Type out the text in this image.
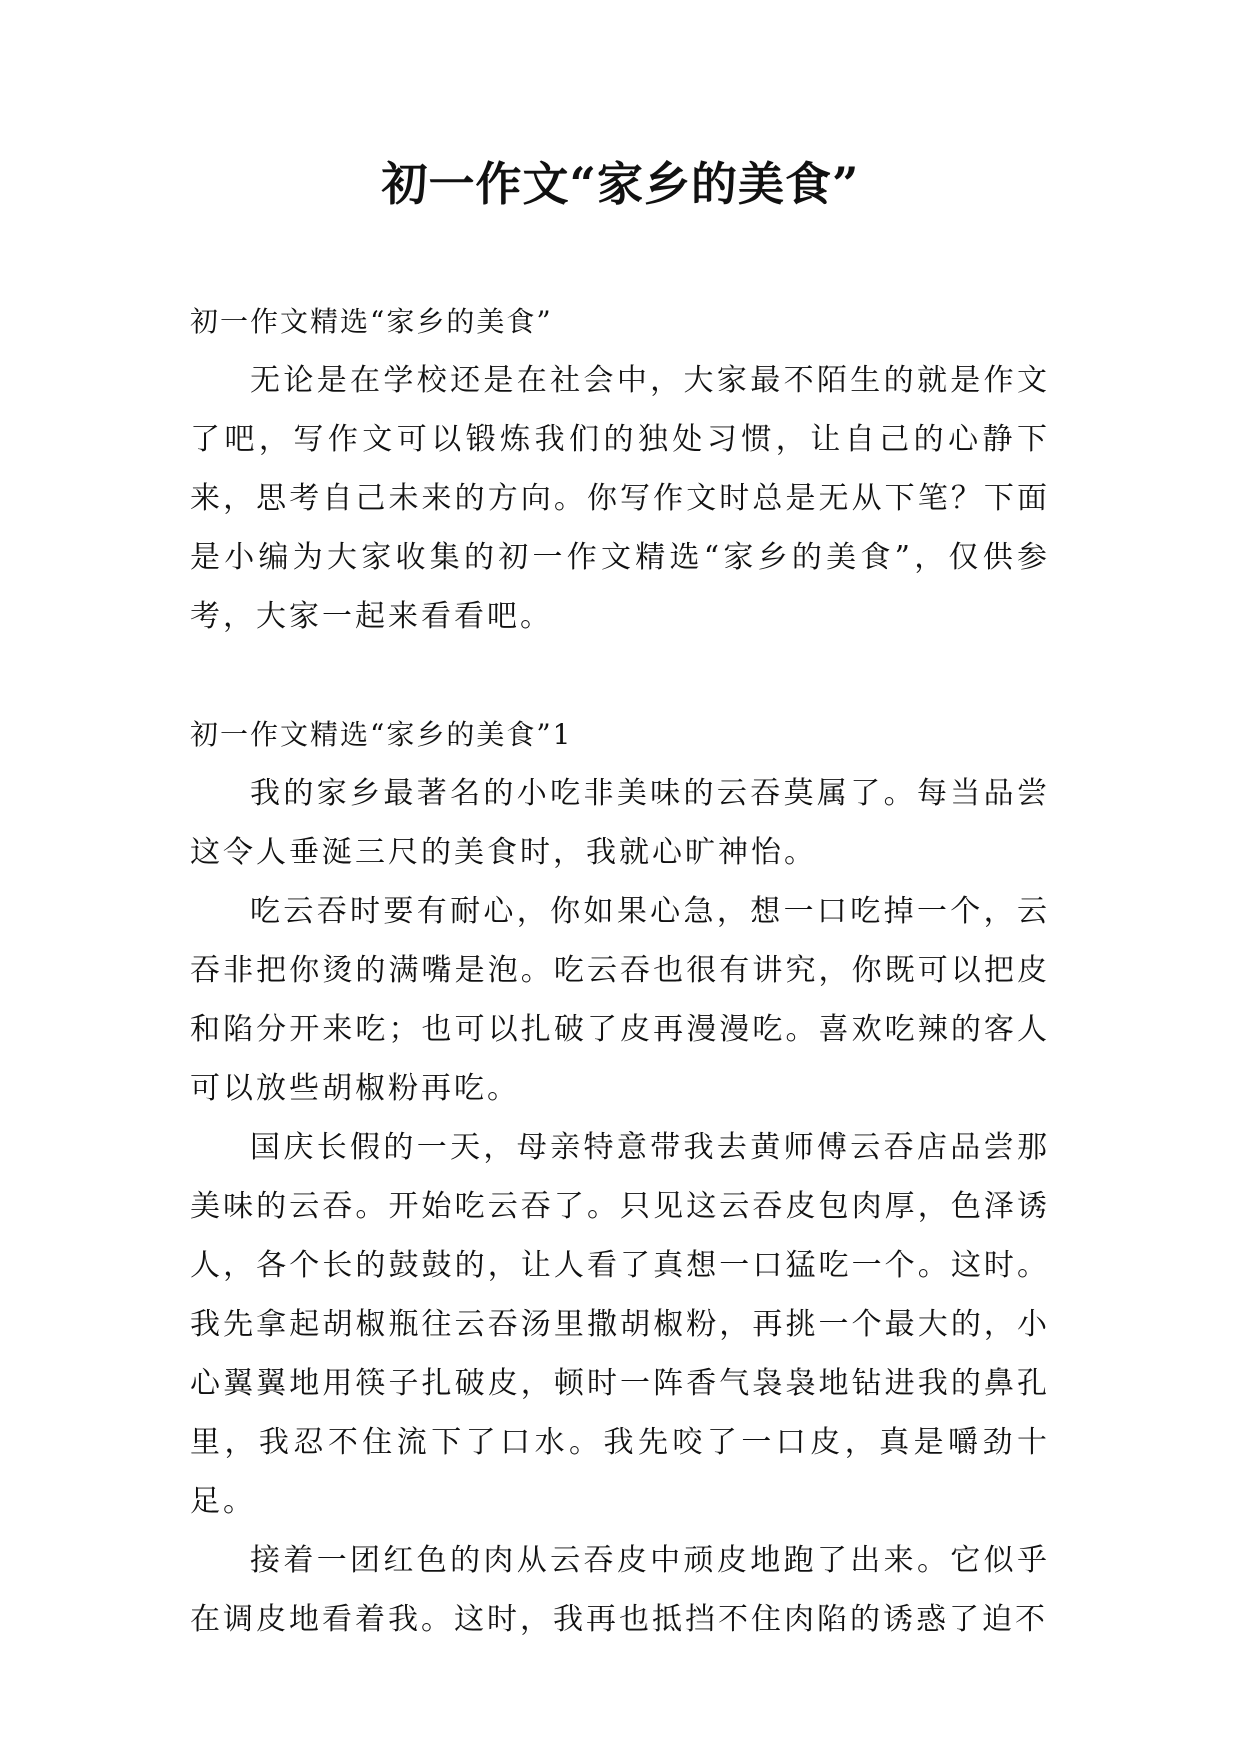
初一作文“家乡的美食”

初一作文精选“家乡的美食”

无论是在学校还是在社会中，大家最不陌生的就是作文了吧，写作文可以锻炼我们的独处习惯，让自己的心静下来，思考自己未来的方向。你写作文时总是无从下笔？下面是小编为大家收集的初一作文精选“家乡的美食”，仅供参考，大家一起来看看吧。

初一作文精选“家乡的美食”1

我的家乡最著名的小吃非美味的云吞莫属了。每当品尝这令人垂涎三尺的美食时，我就心旷神怡。

吃云吞时要有耐心，你如果心急，想一口吃掉一个，云吞非把你烫的满嘴是泡。吃云吞也很有讲究，你既可以把皮和陷分开来吃；也可以扎破了皮再漫漫吃。喜欢吃辣的客人可以放些胡椒粉再吃。

国庆长假的一天，母亲特意带我去黄师傅云吞店品尝那美味的云吞。开始吃云吞了。只见这云吞皮包肉厚，色泽诱人，各个长的鼓鼓的，让人看了真想一口猛吃一个。这时。我先拿起胡椒瓶往云吞汤里撒胡椒粉，再挑一个最大的，小心翼翼地用筷子扎破皮，顿时一阵香气袅袅地钻进我的鼻孔里，我忍不住流下了口水。我先咬了一口皮，真是嚼劲十足。

接着一团红色的肉从云吞皮中顽皮地跑了出来。它似乎在调皮地看着我。这时，我再也抵挡不住肉陷的诱惑了迫不
